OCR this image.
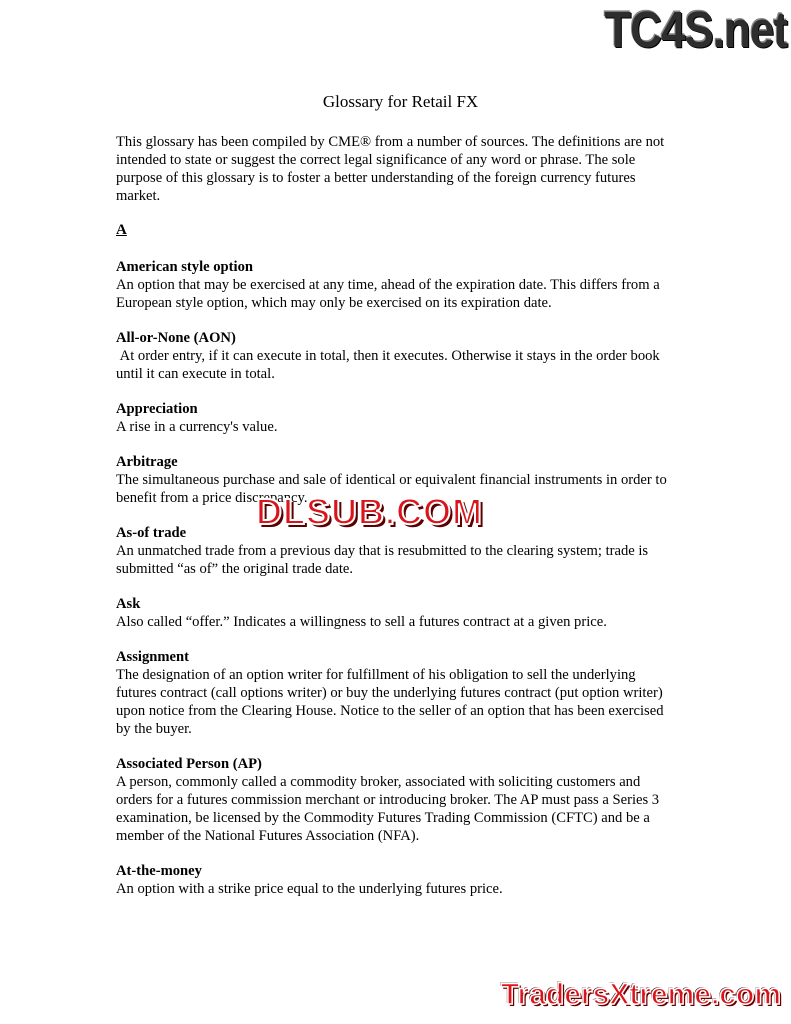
TC4S.net
Glossary for Retail FX
This glossary has been compiled by CME® from a number of sources. The definitions are not intended to state or suggest the correct legal significance of any word or phrase. The sole purpose of this glossary is to foster a better understanding of the foreign currency futures market.
A
American style option
An option that may be exercised at any time, ahead of the expiration date. This differs from a European style option, which may only be exercised on its expiration date.
All-or-None (AON)
At order entry, if it can execute in total, then it executes. Otherwise it stays in the order book until it can execute in total.
Appreciation
A rise in a currency's value.
Arbitrage
The simultaneous purchase and sale of identical or equivalent financial instruments in order to benefit from a price discrepancy.
As-of trade
An unmatched trade from a previous day that is resubmitted to the clearing system; trade is submitted “as of” the original trade date.
Ask
Also called “offer.” Indicates a willingness to sell a futures contract at a given price.
Assignment
The designation of an option writer for fulfillment of his obligation to sell the underlying futures contract (call options writer) or buy the underlying futures contract (put option writer) upon notice from the Clearing House. Notice to the seller of an option that has been exercised by the buyer.
Associated Person (AP)
A person, commonly called a commodity broker, associated with soliciting customers and orders for a futures commission merchant or introducing broker. The AP must pass a Series 3 examination, be licensed by the Commodity Futures Trading Commission (CFTC) and be a member of the National Futures Association (NFA).
At-the-money
An option with a strike price equal to the underlying futures price.
DLSUB.COM
TradersXtreme.com
